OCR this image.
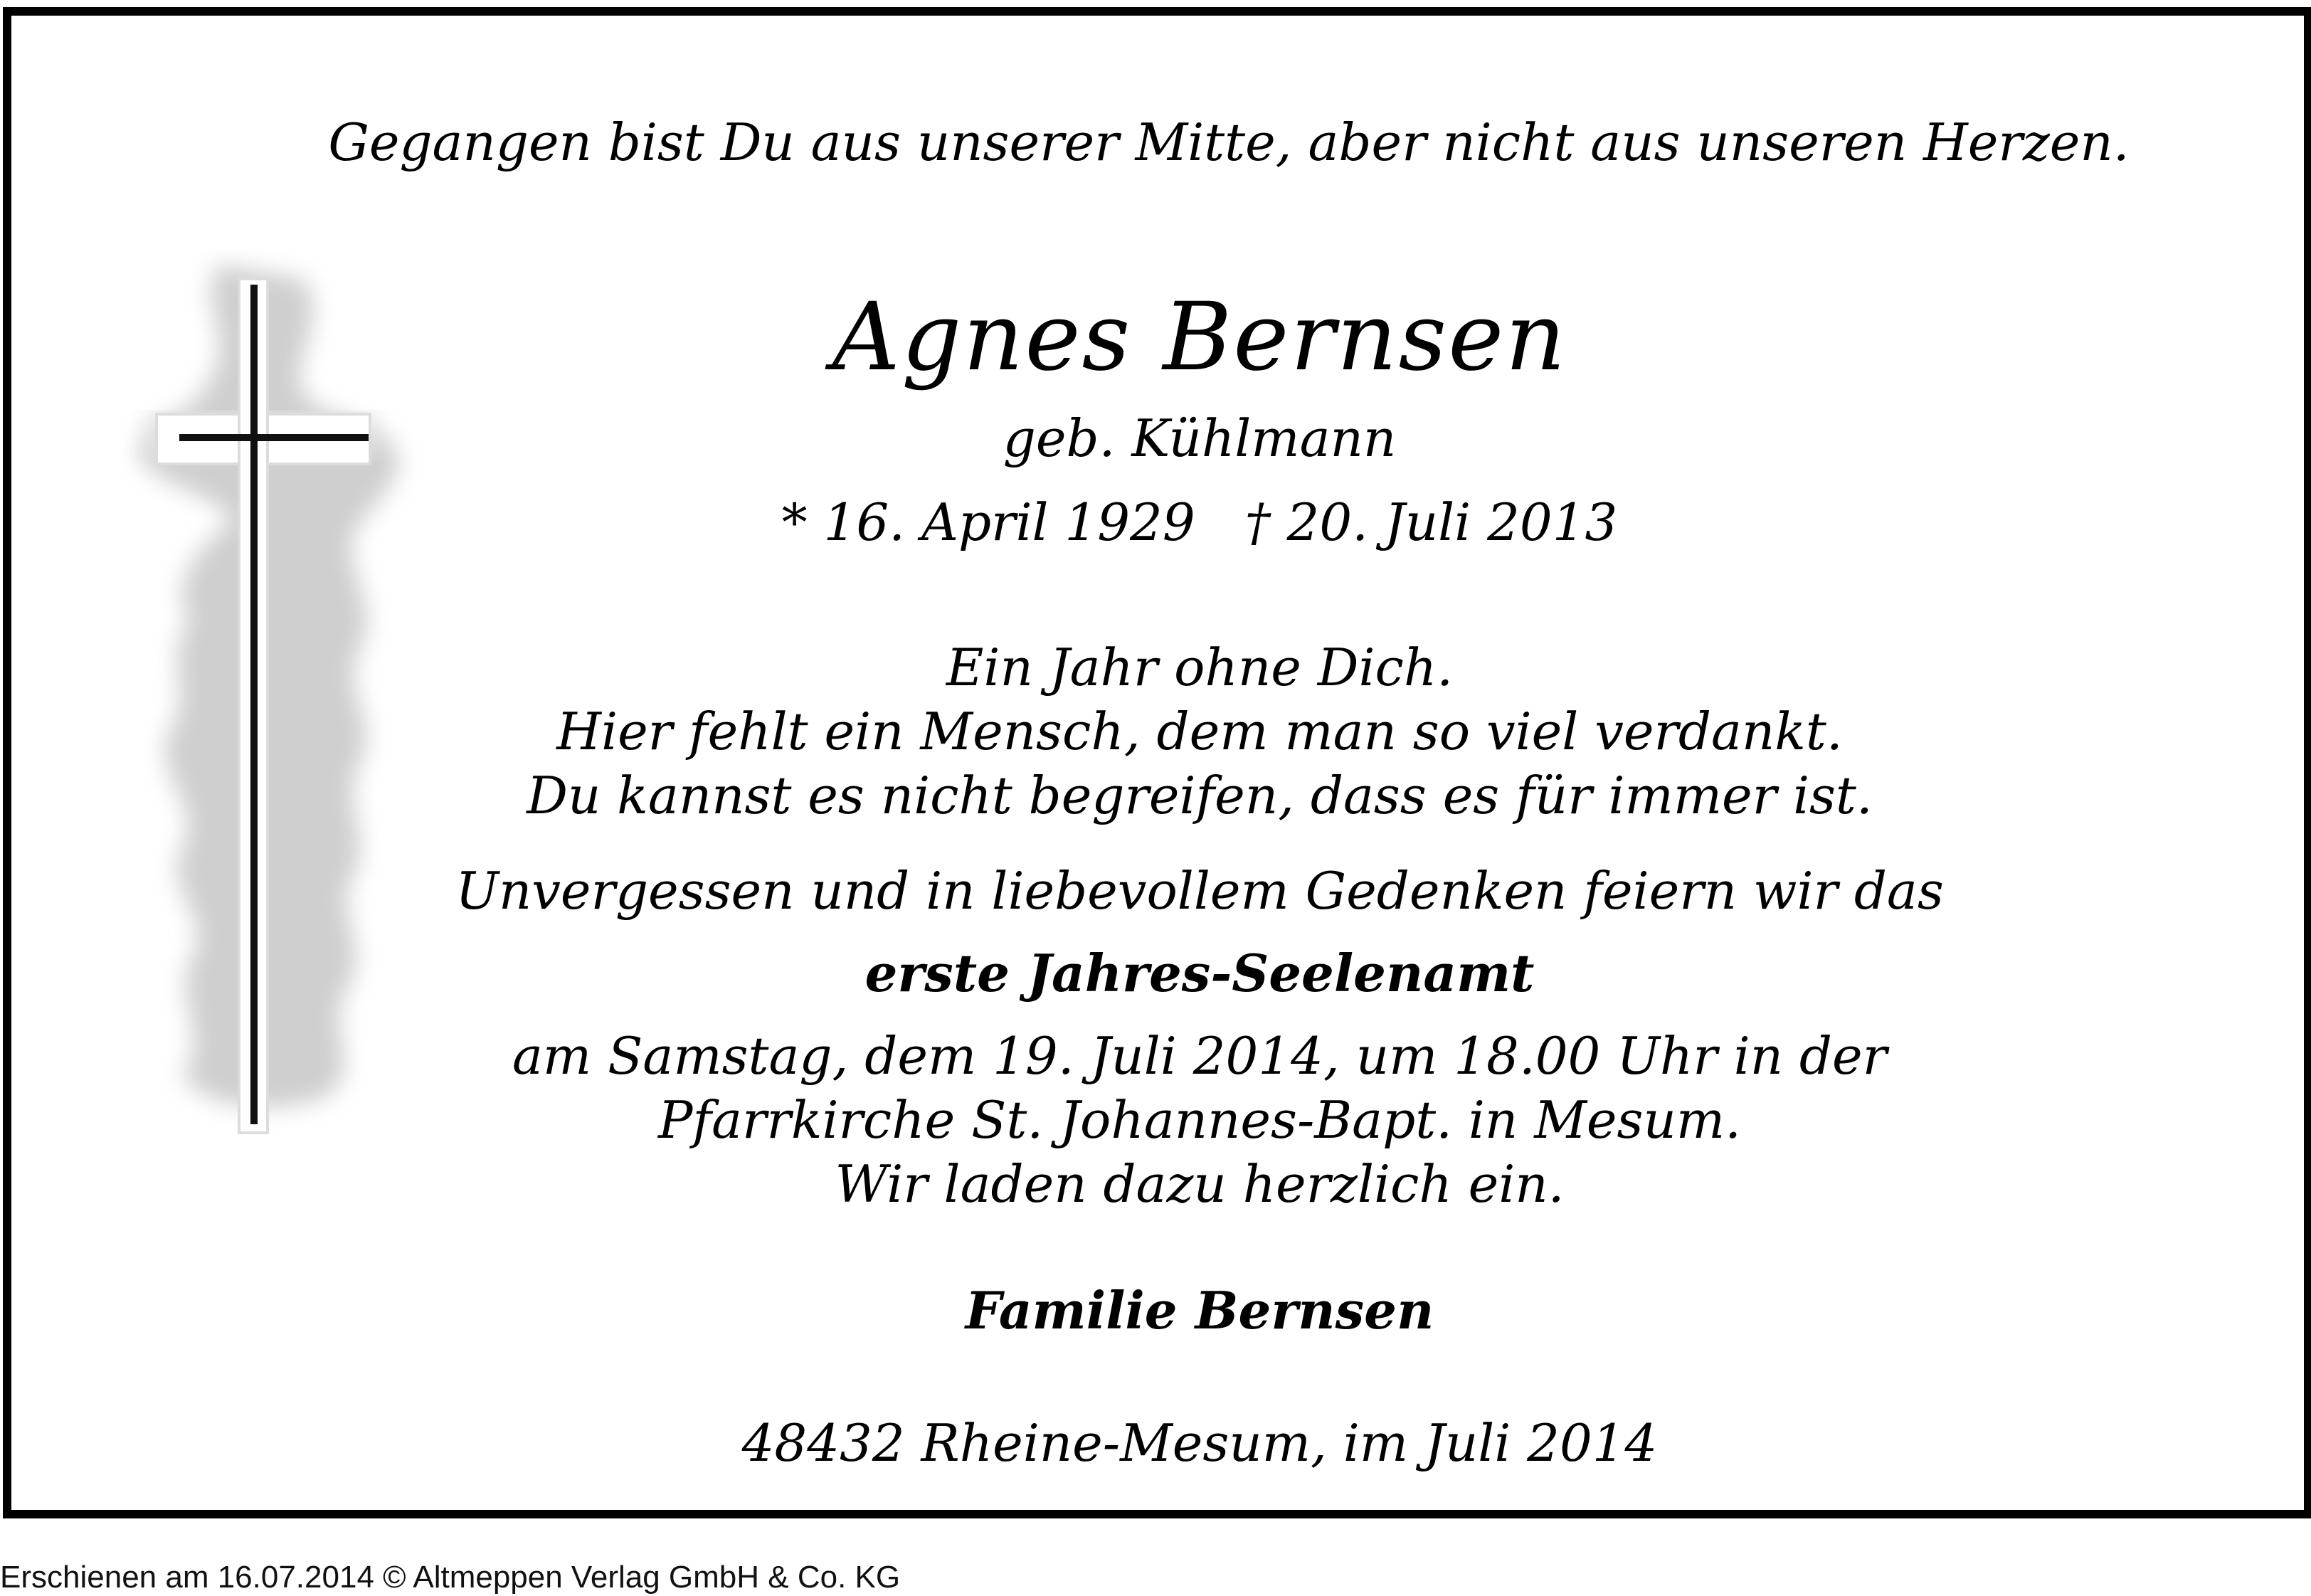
Gegangen bist Du aus unserer Mitte, aber nicht aus unseren Herzen.
Agnes Bernsen
geb. Kühlmann
* 16. April 1929 † 20. Juli 2013
Ein Jahr ohne Dich.
Hier fehlt ein Mensch, dem man so viel verdankt.
Du kannst es nicht begreifen, dass es für immer ist.
Unvergessen und in liebevollem Gedenken feiern wir das
erste Jahres-Seelenamt
am Samstag, dem 19. Juli 2014, um 18.00 Uhr in der
Pfarrkirche St. Johannes-Bapt. in Mesum.
Wir laden dazu herzlich ein.
Familie Bernsen
48432 Rheine-Mesum, im Juli 2014
Erschienen am 16.07.2014 © Altmeppen Verlag GmbH & Co. KG
